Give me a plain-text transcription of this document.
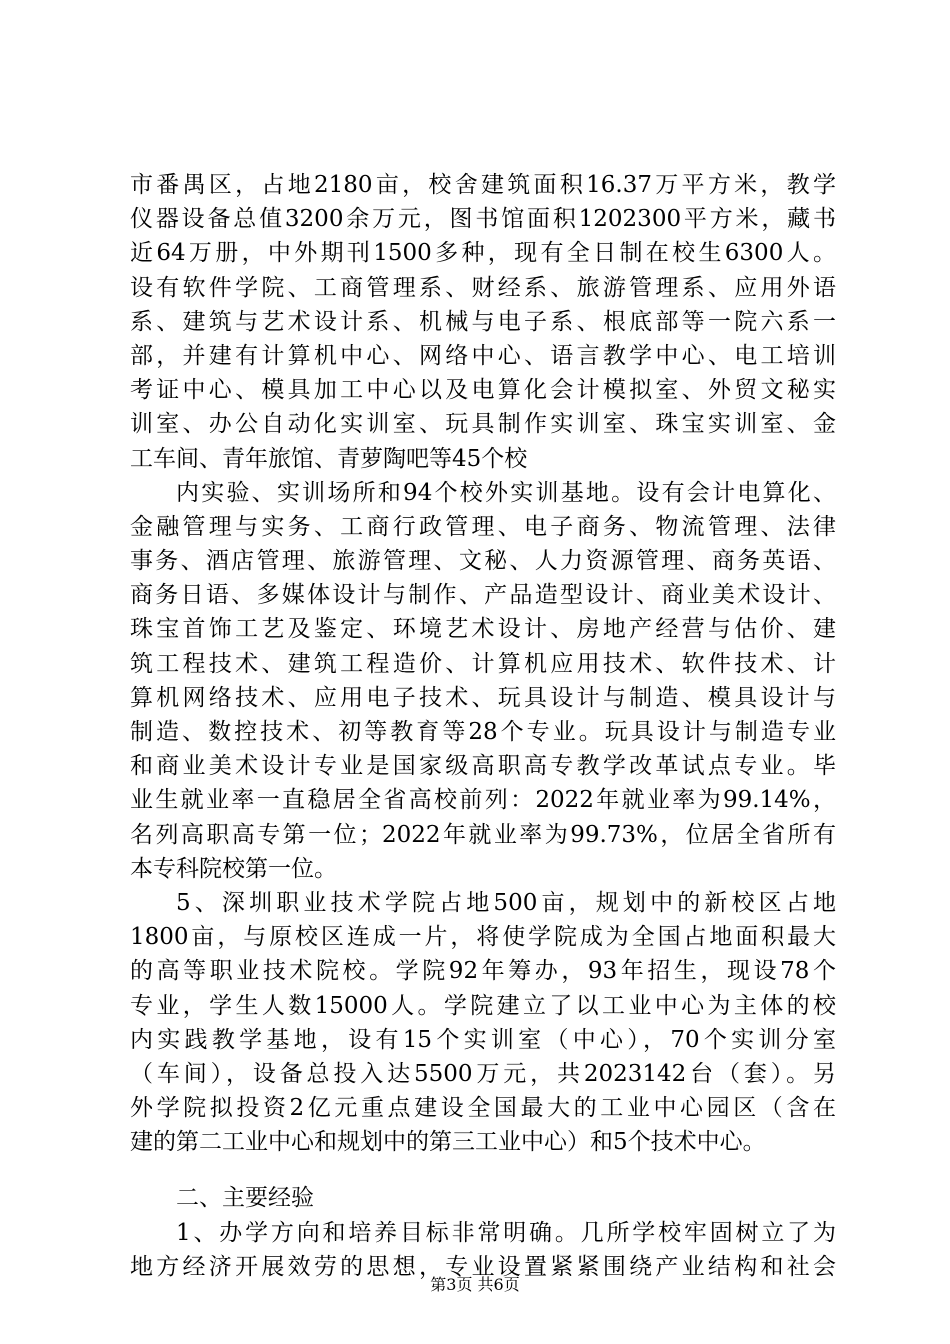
市番禺区，占地2180亩，校舍建筑面积16.37万平方米，教学
仪器设备总值3200余万元，图书馆面积1202300平方米，藏书
近64万册，中外期刊1500多种，现有全日制在校生6300人。
设有软件学院、工商管理系、财经系、旅游管理系、应用外语
系、建筑与艺术设计系、机械与电子系、根底部等一院六系一
部，并建有计算机中心、网络中心、语言教学中心、电工培训
考证中心、模具加工中心以及电算化会计模拟室、外贸文秘实
训室、办公自动化实训室、玩具制作实训室、珠宝实训室、金
工车间、青年旅馆、青萝陶吧等45个校
内实验、实训场所和94个校外实训基地。设有会计电算化、
金融管理与实务、工商行政管理、电子商务、物流管理、法律
事务、酒店管理、旅游管理、文秘、人力资源管理、商务英语、
商务日语、多媒体设计与制作、产品造型设计、商业美术设计、
珠宝首饰工艺及鉴定、环境艺术设计、房地产经营与估价、建
筑工程技术、建筑工程造价、计算机应用技术、软件技术、计
算机网络技术、应用电子技术、玩具设计与制造、模具设计与
制造、数控技术、初等教育等28个专业。玩具设计与制造专业
和商业美术设计专业是国家级高职高专教学改革试点专业。毕
业生就业率一直稳居全省高校前列：2022年就业率为99.14%，
名列高职高专第一位；2022年就业率为99.73%，位居全省所有
本专科院校第一位。
5、深圳职业技术学院占地500亩，规划中的新校区占地
1800亩，与原校区连成一片，将使学院成为全国占地面积最大
的高等职业技术院校。学院92年筹办，93年招生，现设78个
专业，学生人数15000人。学院建立了以工业中心为主体的校
内实践教学基地，设有15个实训室（中心），70个实训分室
（车间），设备总投入达5500万元，共2023142台（套）。另
外学院拟投资2亿元重点建设全国最大的工业中心园区（含在
建的第二工业中心和规划中的第三工业中心）和5个技术中心。
二、主要经验
1、办学方向和培养目标非常明确。几所学校牢固树立了为
地方经济开展效劳的思想，专业设置紧紧围绕产业结构和社会
第3页 共6页
